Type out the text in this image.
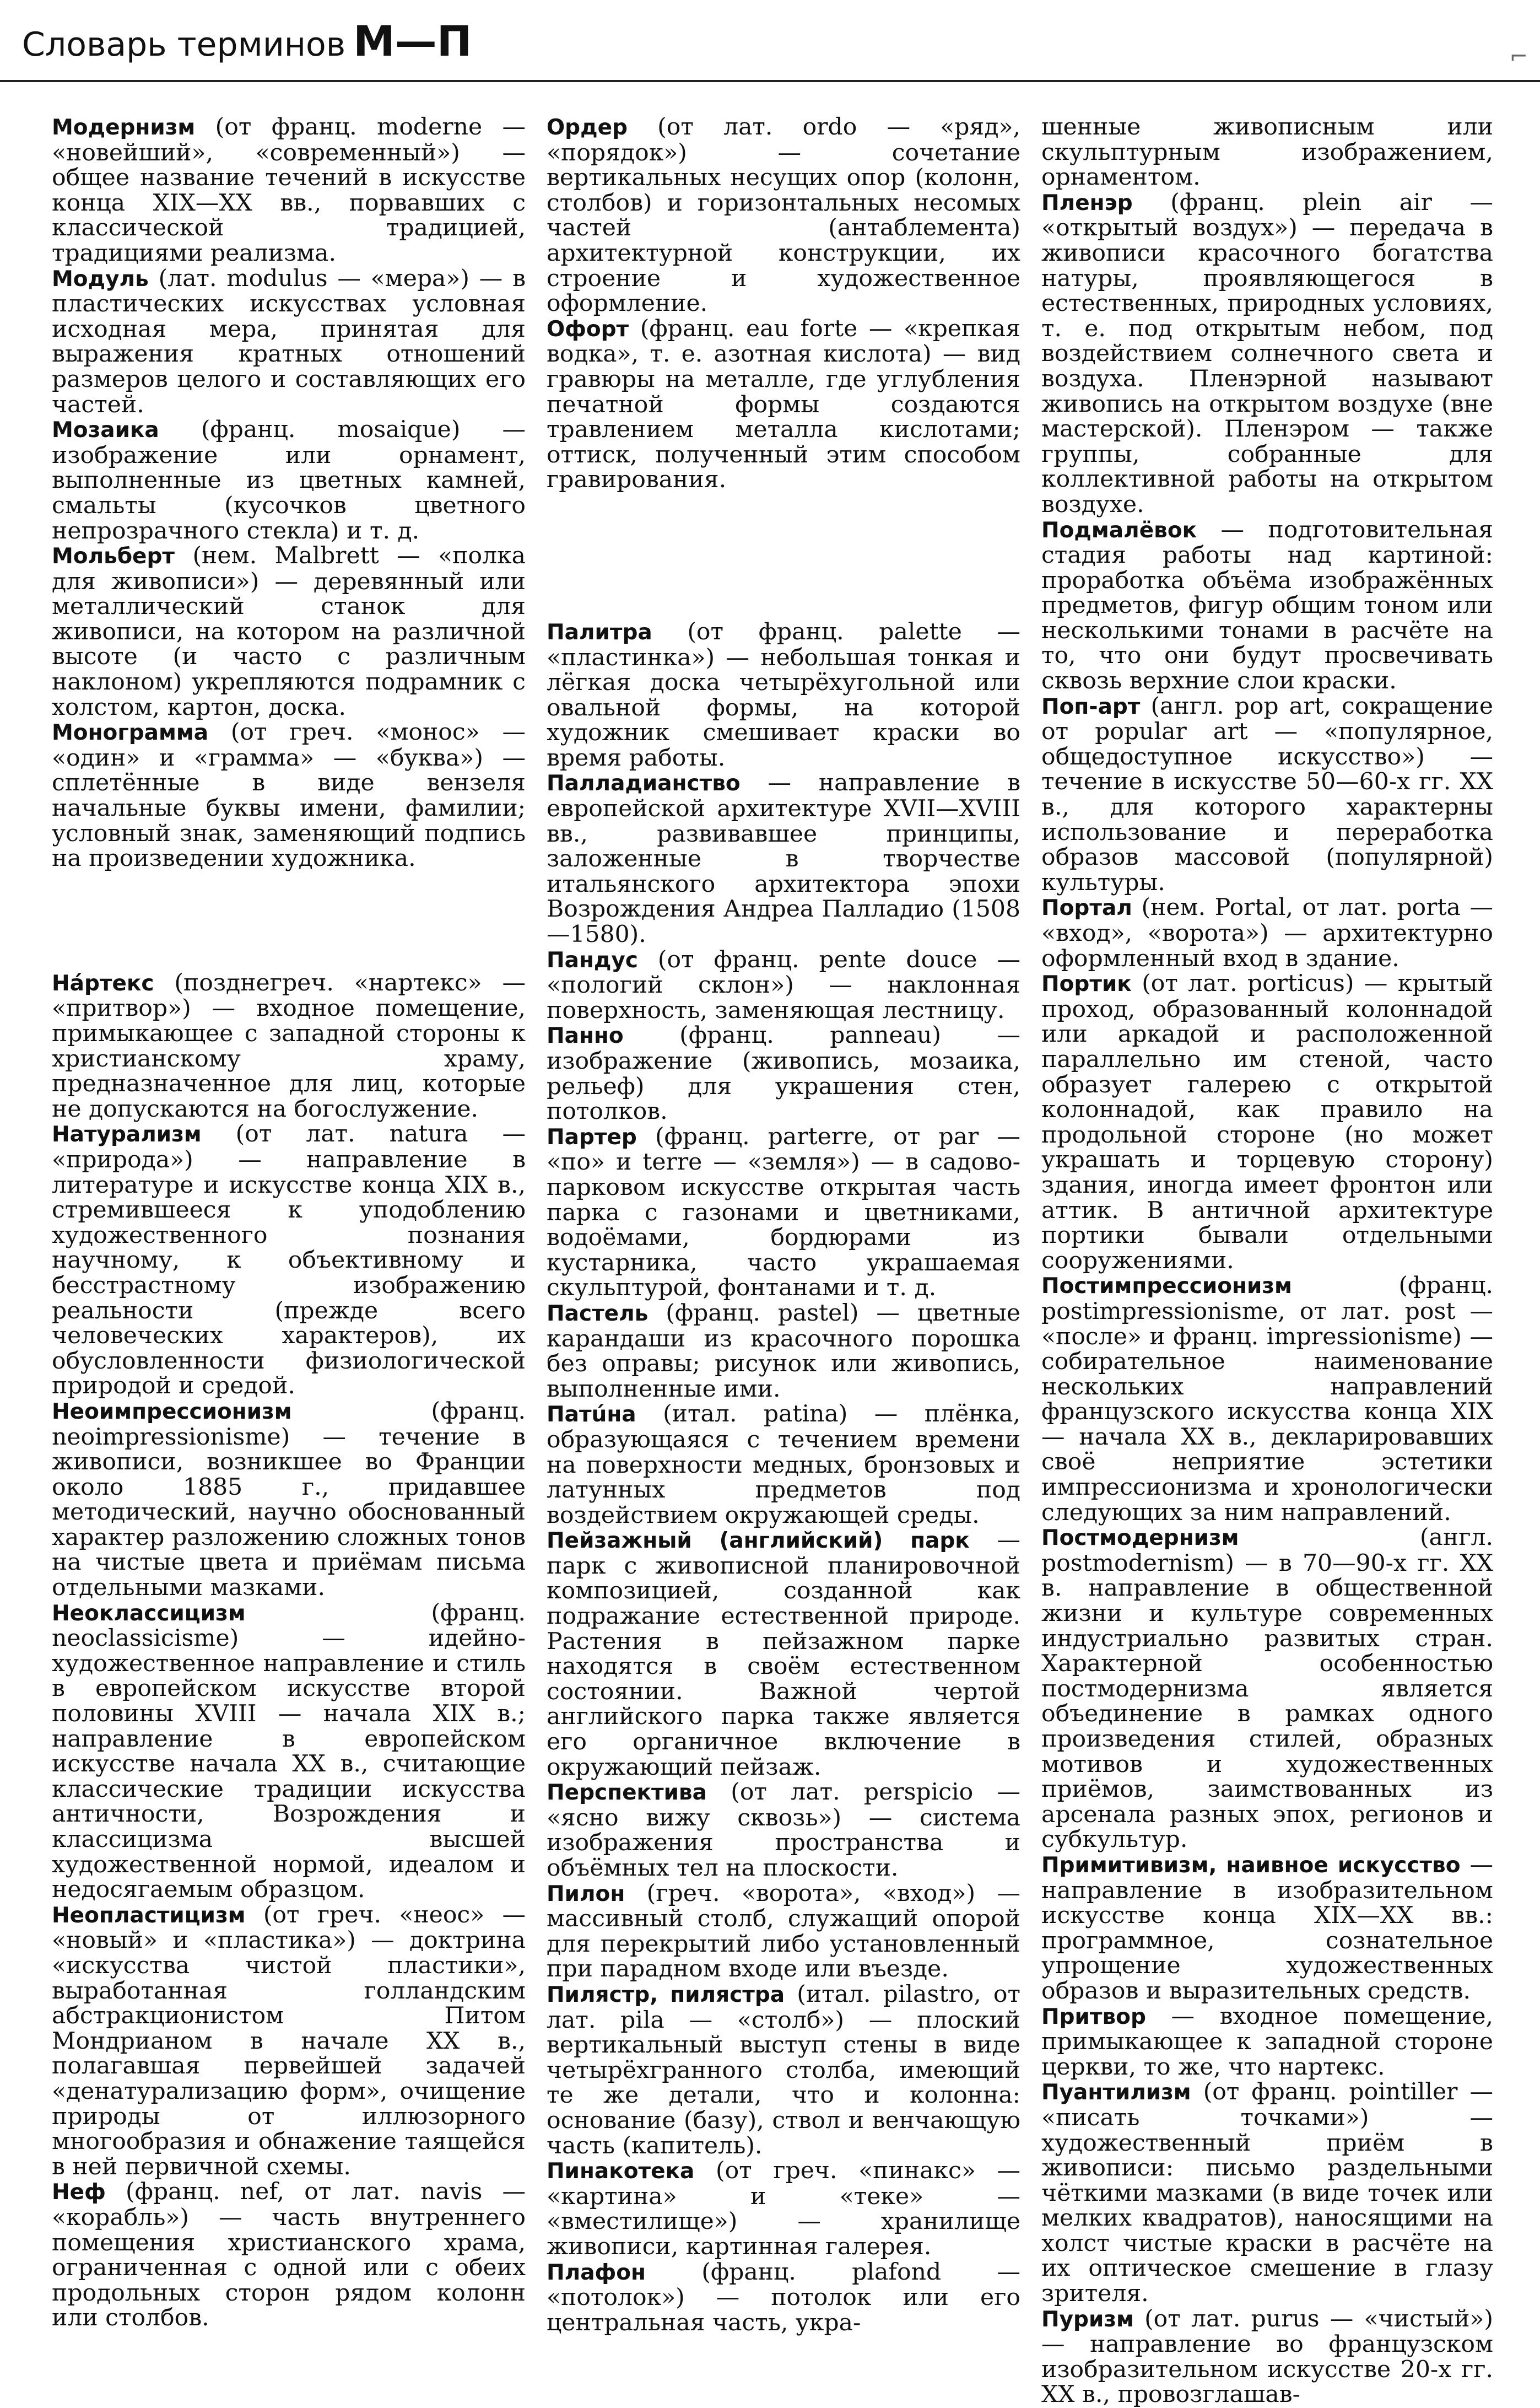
Словарь терминов М—П	⌐

Модернизм (от франц. moderne — «новейший», «современный») — общее название течений в искусстве конца XIX—XX вв., порвавших с классической традицией, традициями реализма.

Модуль (лат. modulus — «мера») — в пластических искусствах условная исходная мера, принятая для выражения кратных отношений размеров целого и составляющих его частей.

Мозаика (франц. mosaique) — изображение или орнамент, выполненные из цветных камней, смальты (кусочков цветного непрозрачного стекла) и т. д.

Мольберт (нем. Malbrett — «полка для живописи») — деревянный или металлический станок для живописи, на котором на различной высоте (и часто с различным наклоном) укрепляются подрамник с холстом, картон, доска.

Монограмма (от греч. «монос» — «один» и «грамма» — «буква») — сплетённые в виде вензеля начальные буквы имени, фамилии; условный знак, заменяющий подпись на произведении художника.

Нáртекс (позднегреч. «нартекс» — «притвор») — входное помещение, примыкающее с западной стороны к христианскому храму, предназначенное для лиц, которые не допускаются на богослужение.

Натурализм (от лат. natura — «природа») — направление в литературе и искусстве конца XIX в., стремившееся к уподоблению художественного познания научному, к объективному и бесстрастному изображению реальности (прежде всего человеческих характеров), их обусловленности физиологической природой и средой.

Неоимпрессионизм	(франц. neoimpressionisme) — течение в живописи, возникшее во Франции около 1885 г., придавшее методический, научно обоснованный характер разложению сложных тонов на чистые цвета и приёмам письма отдельными мазками.

Неоклассицизм	(франц. neoclassicisme) — идейно-художественное направление и стиль в европейском искусстве второй половины XVIII — начала XIX в.; направление в европейском искусстве начала XX в., считающие классические традиции искусства античности, Возрождения и классицизма высшей художественной нормой, идеалом и недосягаемым образцом.

Неопластицизм (от греч. «неос» — «новый» и «пластика») — доктрина «искусства чистой пластики», выработанная голландским абстракционистом Питом Мондрианом в начале XX в., полагавшая первейшей задачей «денатурализацию форм», очищение природы от иллюзорного многообразия и обнажение таящейся в ней первичной схемы.

Неф (франц. nef, от лат. navis — «корабль») — часть внутреннего помещения христианского храма, ограниченная с одной или с обеих продольных сторон рядом колонн или столбов.

Ордер (от лат. ordo — «ряд», «порядок») — сочетание вертикальных несущих опор (колонн, столбов) и горизонтальных несомых частей (антаблемента) архитектурной конструкции, их строение и художественное оформление.

Офорт (франц. eau forte — «крепкая водка», т. е. азотная кислота) — вид гравюры на металле, где углубления печатной формы создаются травлением металла кислотами; оттиск, полученный этим способом гравирования.

Палитра (от франц. palette — «пластинка») — небольшая тонкая и лёгкая доска четырёхугольной или овальной формы, на которой художник смешивает краски во время работы.

Палладианство — направление в европейской архитектуре XVII—XVIII вв., развивавшее принципы, заложенные в творчестве итальянского архитектора эпохи Возрождения Андреа Палладио (1508—1580).

Пандус (от франц. pente douce — «пологий склон») — наклонная поверхность, заменяющая лестницу.

Панно (франц. panneau) — изображение (живопись, мозаика, рельеф) для украшения стен, потолков.

Партер (франц. parterre, от par — «по» и terre — «земля») — в садово-парковом искусстве открытая часть парка с газонами и цветниками, водоёмами, бордюрами из кустарника, часто украшаемая скульптурой, фонтанами и т. д.

Пастель (франц. pastel) — цветные карандаши из красочного порошка без оправы; рисунок или живопись, выполненные ими.

Патúна (итал. patina) — плёнка, образующаяся с течением времени на поверхности медных, бронзовых и латунных предметов под воздействием окружающей среды.

Пейзажный (английский) парк — парк с живописной планировочной композицией, созданной как подражание естественной природе. Растения в пейзажном парке находятся в своём естественном состоянии. Важной чертой английского парка также является его органичное включение в окружающий пейзаж.

Перспектива (от лат. perspicio — «ясно вижу сквозь») — система изображения пространства и объёмных тел на плоскости.

Пилон (греч. «ворота», «вход») — массивный столб, служащий опорой для перекрытий либо установленный при парадном входе или въезде.

Пилястр, пилястра (итал. pilastro, от лат. pila — «столб») — плоский вертикальный выступ стены в виде четырёхгранного столба, имеющий те же детали, что и колонна: основание (базу), ствол и венчающую часть (капитель).

Пинакотека (от греч. «пинакс» — «картина» и «теке» — «вместилище») — хранилище живописи, картинная галерея.

Плафон (франц. plafond — «потолок») — потолок или его центральная часть, укра-

шенные живописным или скульптурным изображением, орнаментом.

Пленэр (франц. plein air — «открытый воздух») — передача в живописи красочного богатства натуры, проявляющегося в естественных, природных условиях, т. е. под открытым небом, под воздействием солнечного света и воздуха. Пленэрной называют живопись на открытом воздухе (вне мастерской). Пленэром — также группы, собранные для коллективной работы на открытом воздухе.

Подмалёвок — подготовительная стадия работы над картиной: проработка объёма изображённых предметов, фигур общим тоном или несколькими тонами в расчёте на то, что они будут просвечивать сквозь верхние слои краски.

Поп-арт (англ. pop art, сокращение от popular art — «популярное, общедоступное искусство») — течение в искусстве 50—60-х гг. XX в., для которого характерны использование и переработка образов массовой (популярной) культуры.

Портал (нем. Portal, от лат. porta — «вход», «ворота») — архитектурно оформленный вход в здание.

Портик (от лат. porticus) — крытый проход, образованный колоннадой или аркадой и расположенной параллельно им стеной, часто образует галерею с открытой колоннадой, как правило на продольной стороне (но может украшать и торцевую сторону) здания, иногда имеет фронтон или аттик. В античной архитектуре портики бывали отдельными сооружениями.

Постимпрессионизм	(франц. postimpressionisme, от лат. post — «после» и франц. impressionisme) — собирательное наименование нескольких направлений французского искусства конца XIX — начала XX в., декларировавших своё неприятие эстетики импрессионизма и хронологически следующих за ним направлений.

Постмодернизм	(англ. postmodernism) — в 70—90-х гг. XX в. направление в общественной жизни и культуре современных индустриально развитых стран. Характерной особенностью постмодернизма является объединение в рамках одного произведения стилей, образных мотивов и художественных приёмов, заимствованных из арсенала разных эпох, регионов и субкультур.

Примитивизм, наивное искусство — направление в изобразительном искусстве конца XIX—XX вв.: программное, сознательное упрощение художественных образов и выразительных средств.

Притвор — входное помещение, примыкающее к западной стороне церкви, то же, что нартекс.

Пуантилизм (от франц. pointiller — «писать точками») — художественный приём в живописи: письмо раздельными чёткими мазками (в виде точек или мелких квадратов), наносящими на холст чистые краски в расчёте на их оптическое смешение в глазу зрителя.

Пуризм (от лат. purus — «чистый») — направление во французском изобразительном искусстве 20-х гг. XX в., провозглашав-
